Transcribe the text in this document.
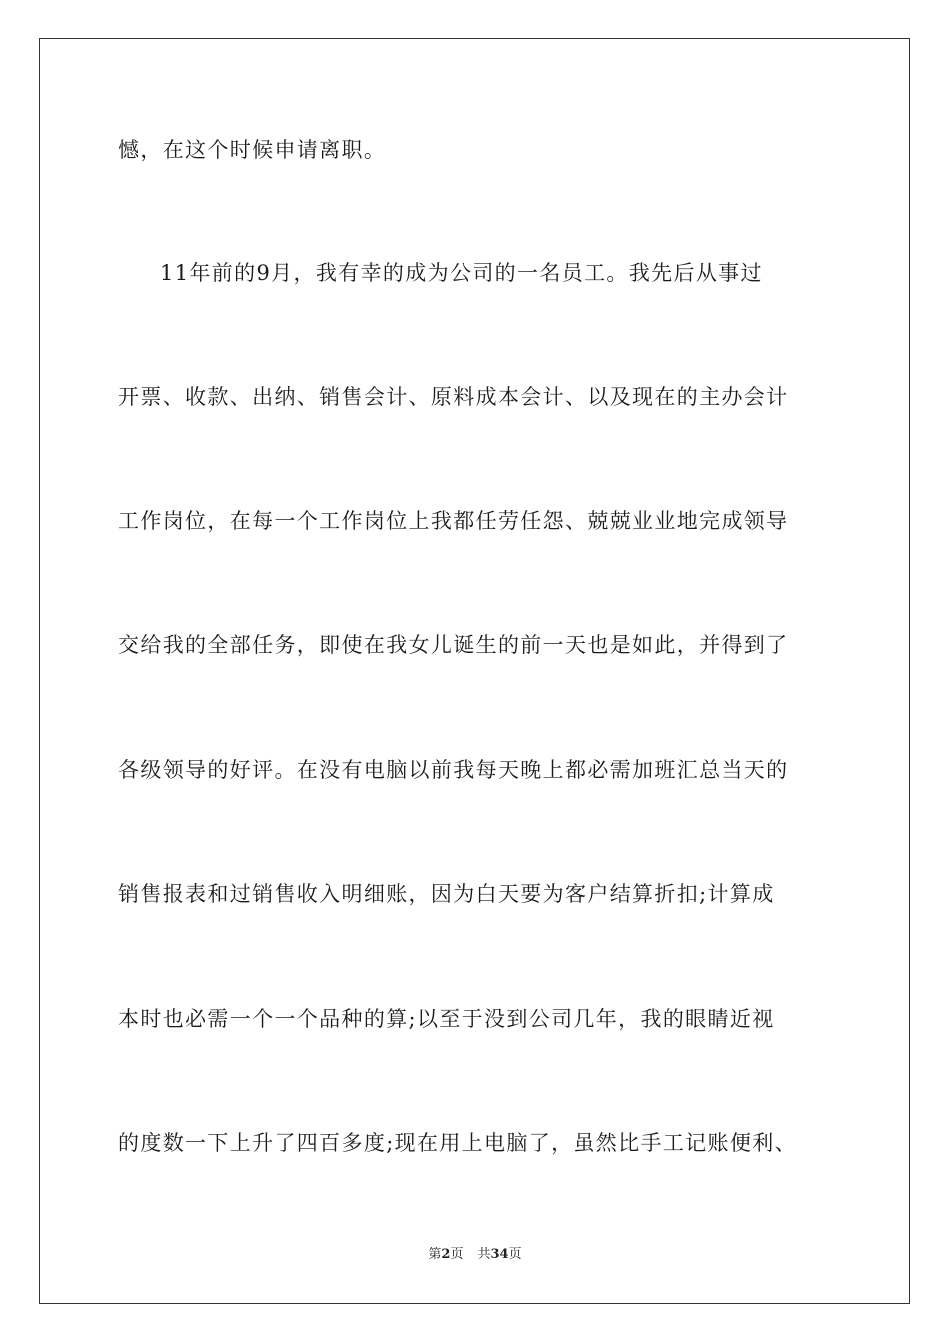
憾，在这个时候申请离职。
11年前的9月，我有幸的成为公司的一名员工。我先后从事过
开票、收款、出纳、销售会计、原料成本会计、以及现在的主办会计
工作岗位，在每一个工作岗位上我都任劳任怨、兢兢业业地完成领导
交给我的全部任务，即使在我女儿诞生的前一天也是如此，并得到了
各级领导的好评。在没有电脑以前我每天晚上都必需加班汇总当天的
销售报表和过销售收入明细账，因为白天要为客户结算折扣;计算成
本时也必需一个一个品种的算;以至于没到公司几年，我的眼睛近视
的度数一下上升了四百多度;现在用上电脑了，虽然比手工记账便利、
第2页 共34页
